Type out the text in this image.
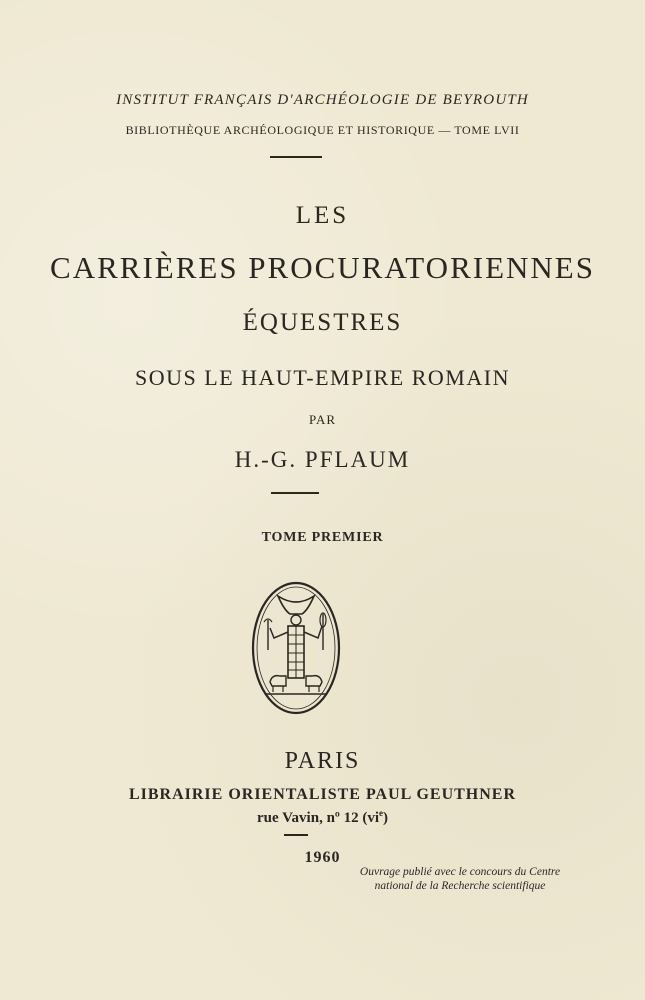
INSTITUT FRANÇAIS D'ARCHÉOLOGIE DE BEYROUTH
BIBLIOTHÈQUE ARCHÉOLOGIQUE ET HISTORIQUE — TOME LVII
LES
CARRIÈRES PROCURATORIENNES
ÉQUESTRES
SOUS LE HAUT-EMPIRE ROMAIN
PAR
H.-G. PFLAUM
TOME PREMIER
PARIS
LIBRAIRIE ORIENTALISTE PAUL GEUTHNER
rue Vavin, nº 12 $(vi^e)$
1960
Ouvrage publié avec le concours du Centre
national de la Recherche scientifique
